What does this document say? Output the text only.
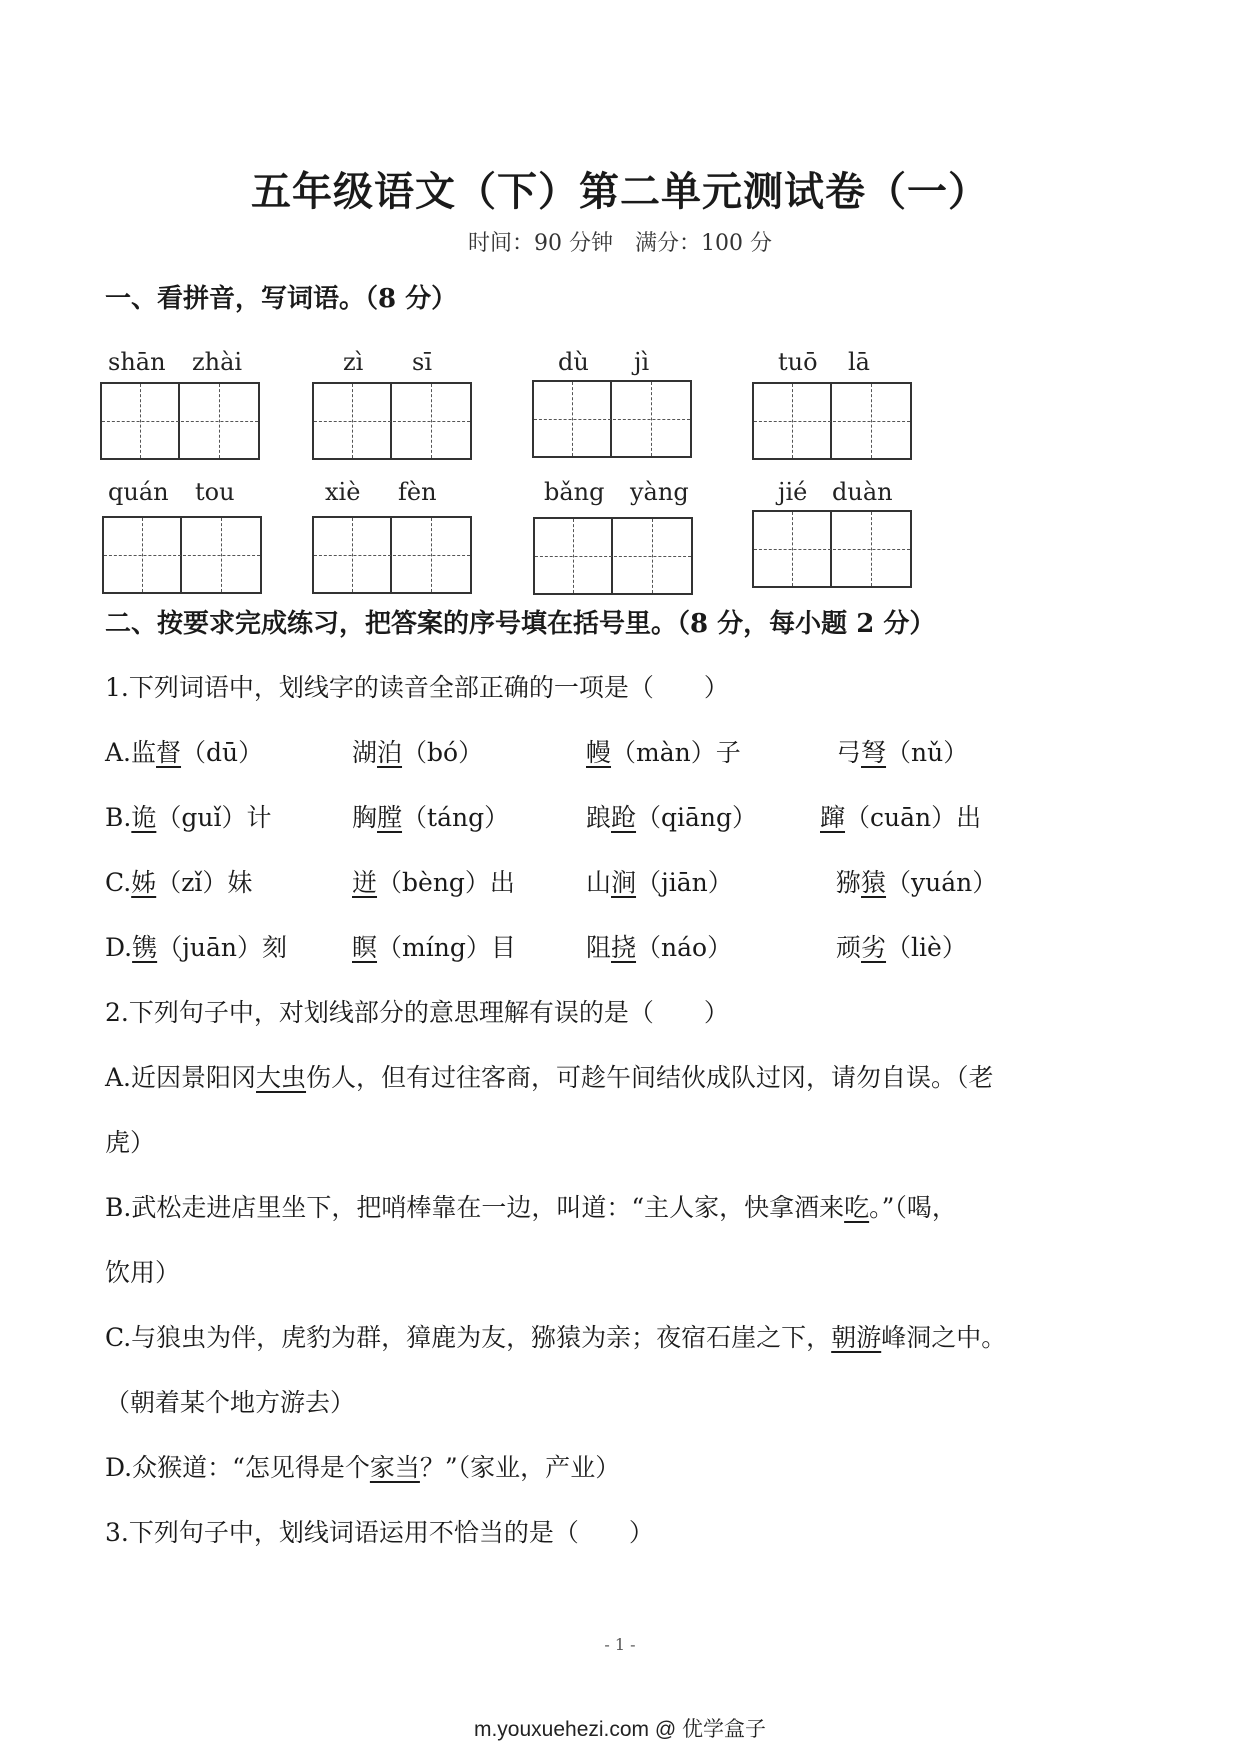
五年级语文（下）第二单元测试卷（一）
时间：90 分钟　满分：100 分
一、看拼音，写词语。（8 分）
shān zhài	zì sī	dù jì	tuō lā
quán tou	xiè fèn	bǎng yàng	jié duàn
二、按要求完成练习，把答案的序号填在括号里。（8 分，每小题 2 分）
1.下列词语中，划线字的读音全部正确的一项是（　　）
A.监督（dū）	湖泊（bó）	幔（màn）子	弓弩（nǔ）
B.诡（guǐ）计	胸膛（táng）	踉跄（qiāng）	蹿（cuān）出
C.姊（zǐ）妹	迸（bèng）出	山涧（jiān）	猕猿（yuán）
D.镌（juān）刻	瞑（míng）目	阻挠（náo）	顽劣（liè）
2.下列句子中，对划线部分的意思理解有误的是（　　）
A.近因景阳冈大虫伤人，但有过往客商，可趁午间结伙成队过冈，请勿自误。（老
虎）
B.武松走进店里坐下，把哨棒靠在一边，叫道：“主人家，快拿酒来吃。”（喝，
饮用）
C.与狼虫为伴，虎豹为群，獐鹿为友，猕猿为亲；夜宿石崖之下，朝游峰洞之中。
（朝着某个地方游去）
D.众猴道：“怎见得是个家当？”（家业，产业）
3.下列句子中，划线词语运用不恰当的是（　　）
- 1 -
m.youxuehezi.com @ 优学盒子
